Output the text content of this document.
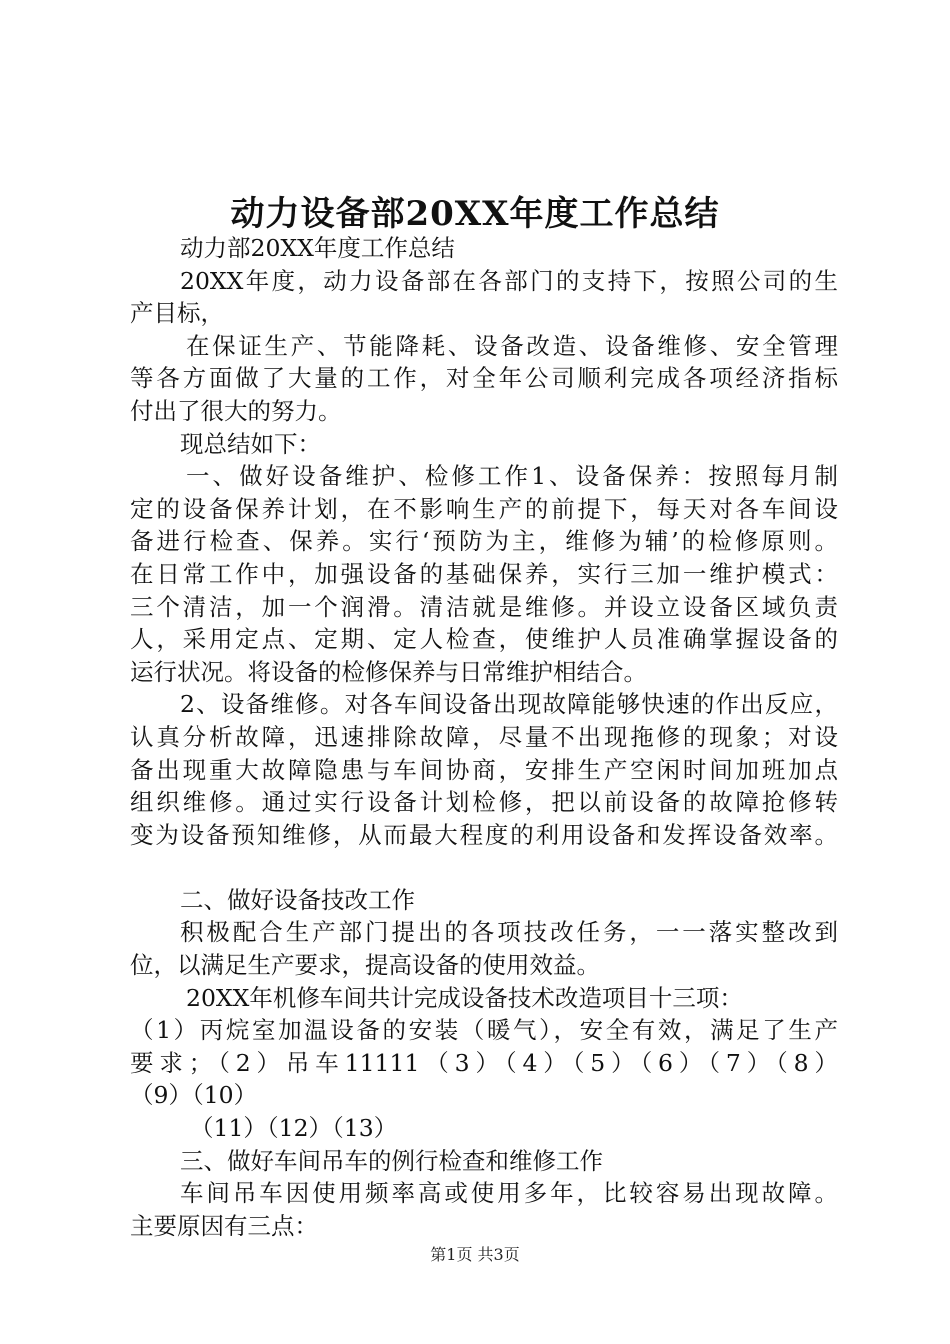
动力设备部20XX年度工作总结
动力部20XX年度工作总结
20XX年度，动力设备部在各部门的支持下，按照公司的生
产目标，
在保证生产、节能降耗、设备改造、设备维修、安全管理
等各方面做了大量的工作，对全年公司顺利完成各项经济指标
付出了很大的努力。
现总结如下：
一、做好设备维护、检修工作1、设备保养：按照每月制
定的设备保养计划，在不影响生产的前提下，每天对各车间设
备进行检查、保养。实行‘预防为主，维修为辅’的检修原则。
在日常工作中，加强设备的基础保养，实行三加一维护模式：
三个清洁，加一个润滑。清洁就是维修。并设立设备区域负责
人，采用定点、定期、定人检查，使维护人员准确掌握设备的
运行状况。将设备的检修保养与日常维护相结合。
2、设备维修。对各车间设备出现故障能够快速的作出反应，
认真分析故障，迅速排除故障，尽量不出现拖修的现象；对设
备出现重大故障隐患与车间协商，安排生产空闲时间加班加点
组织维修。通过实行设备计划检修，把以前设备的故障抢修转
变为设备预知维修，从而最大程度的利用设备和发挥设备效率。
二、做好设备技改工作
积极配合生产部门提出的各项技改任务，一一落实整改到
位，以满足生产要求，提高设备的使用效益。
20XX年机修车间共计完成设备技术改造项目十三项：
（1）丙烷室加温设备的安装（暖气），安全有效，满足了生产
要求；（2）吊车11111（3）（4）（5）（6）（7）（8）
（9）（10）
（11）（12）（13）
三、做好车间吊车的例行检查和维修工作
车间吊车因使用频率高或使用多年，比较容易出现故障。
主要原因有三点：
第1页 共3页
